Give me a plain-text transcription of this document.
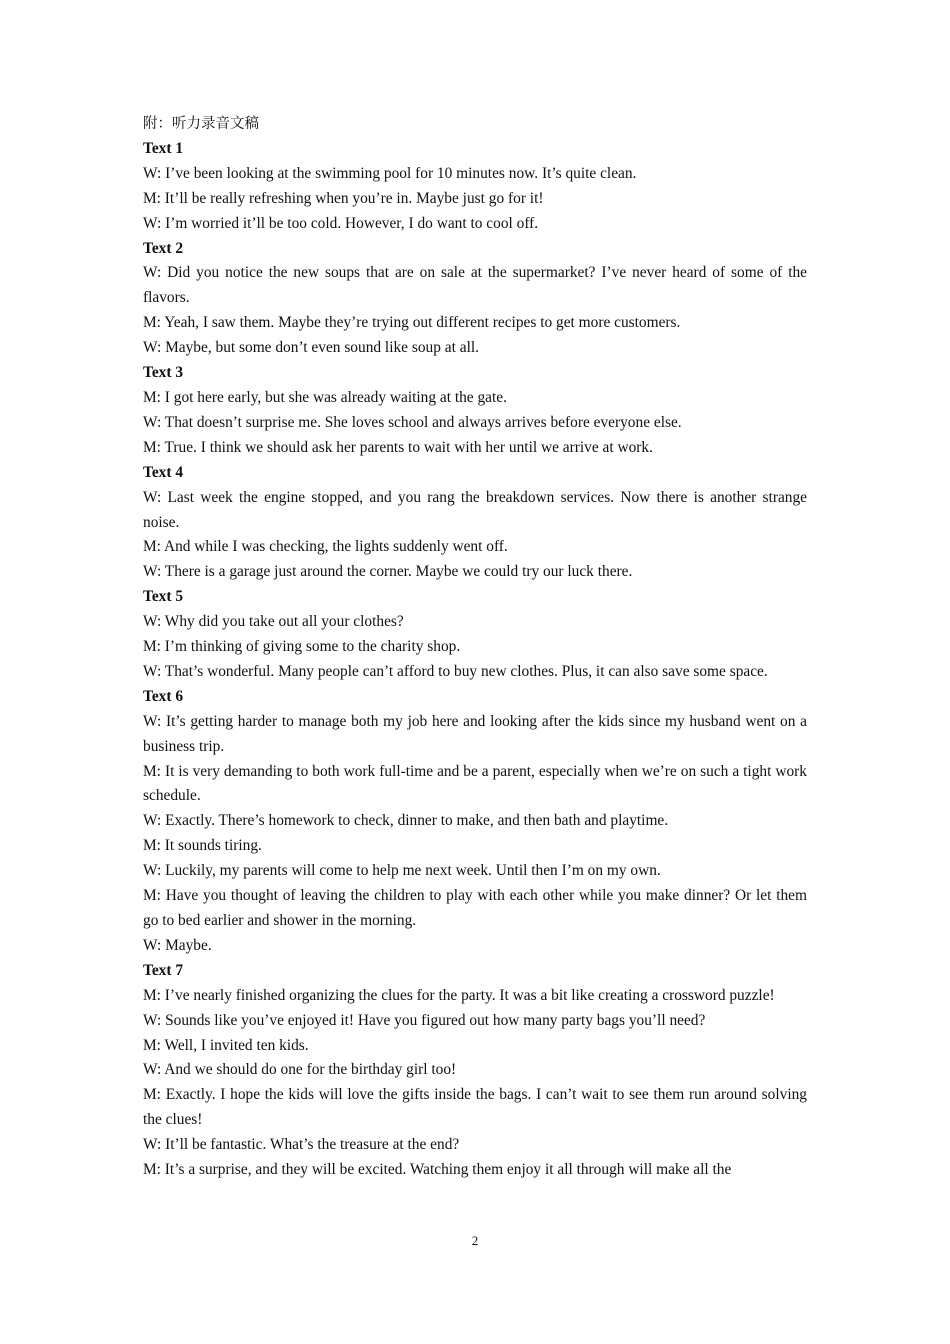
附：听力录音文稿

Text 1

W: I’ve been looking at the swimming pool for 10 minutes now. It’s quite clean.

M: It’ll be really refreshing when you’re in. Maybe just go for it!

W: I’m worried it’ll be too cold. However, I do want to cool off.

Text 2

W: Did you notice the new soups that are on sale at the supermarket? I’ve never heard of some of the flavors.

M: Yeah, I saw them. Maybe they’re trying out different recipes to get more customers.

W: Maybe, but some don’t even sound like soup at all.

Text 3

M: I got here early, but she was already waiting at the gate.

W: That doesn’t surprise me. She loves school and always arrives before everyone else.

M: True. I think we should ask her parents to wait with her until we arrive at work.

Text 4

W: Last week the engine stopped, and you rang the breakdown services. Now there is another strange noise.

M: And while I was checking, the lights suddenly went off.

W: There is a garage just around the corner. Maybe we could try our luck there.

Text 5

W: Why did you take out all your clothes?

M: I’m thinking of giving some to the charity shop.

W: That’s wonderful. Many people can’t afford to buy new clothes. Plus, it can also save some space.

Text 6

W: It’s getting harder to manage both my job here and looking after the kids since my husband went on a business trip.

M: It is very demanding to both work full-time and be a parent, especially when we’re on such a tight work schedule.

W: Exactly. There’s homework to check, dinner to make, and then bath and playtime.

M: It sounds tiring.

W: Luckily, my parents will come to help me next week. Until then I’m on my own.

M: Have you thought of leaving the children to play with each other while you make dinner? Or let them go to bed earlier and shower in the morning.

W: Maybe.

Text 7

M: I’ve nearly finished organizing the clues for the party. It was a bit like creating a crossword puzzle!

W: Sounds like you’ve enjoyed it! Have you figured out how many party bags you’ll need?

M: Well, I invited ten kids.

W: And we should do one for the birthday girl too!

M: Exactly. I hope the kids will love the gifts inside the bags. I can’t wait to see them run around solving the clues!

W: It’ll be fantastic. What’s the treasure at the end?

M: It’s a surprise, and they will be excited. Watching them enjoy it all through will make all the

2
